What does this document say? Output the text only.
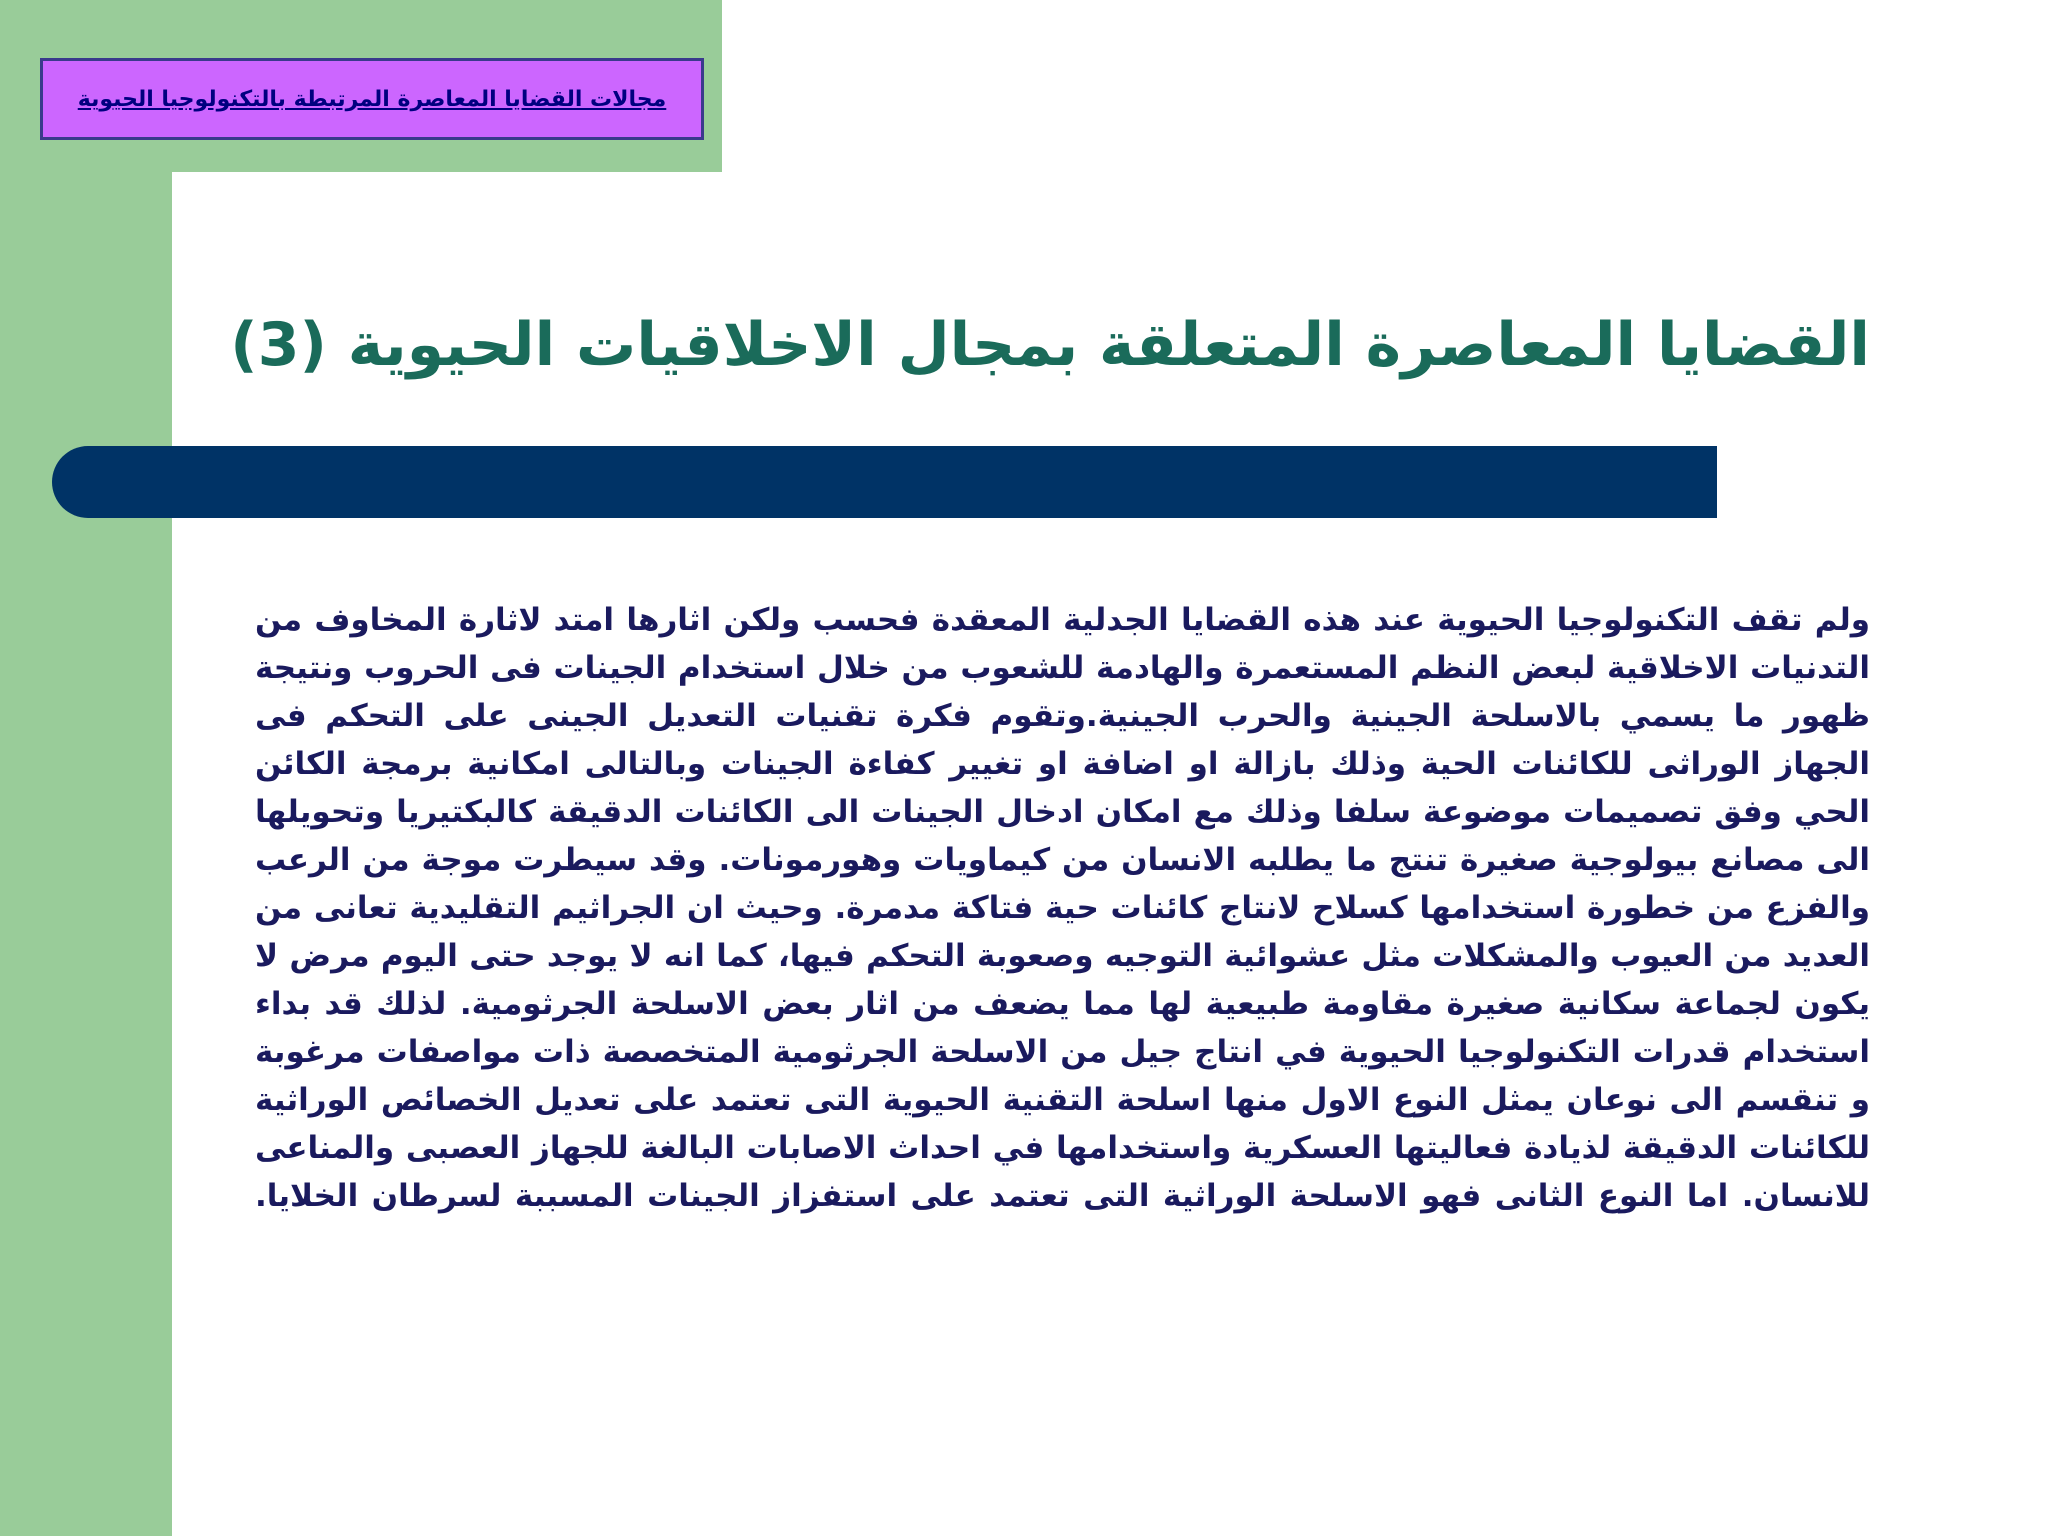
مجالات القضايا المعاصرة المرتبطة بالتكنولوجيا الحيوية
القضايا المعاصرة المتعلقة بمجال الاخلاقيات الحيوية (3)

ولم تقف التكنولوجيا الحيوية عند هذه القضايا الجدلية المعقدة فحسب ولكن اثارها امتد لاثارة المخاوف من التدنيات الاخلاقية لبعض النظم المستعمرة والهادمة للشعوب من خلال استخدام الجينات فى الحروب ونتيجة ظهور ما يسمي بالاسلحة الجينية والحرب الجينية.وتقوم فكرة تقنيات التعديل الجينى على التحكم فى الجهاز الوراثى للكائنات الحية وذلك بازالة او اضافة او تغيير كفاءة الجينات وبالتالى امكانية برمجة الكائن الحي وفق تصميمات موضوعة سلفا وذلك مع امكان ادخال الجينات الى الكائنات الدقيقة كالبكتيريا وتحويلها الى مصانع بيولوجية صغيرة تنتج ما يطلبه الانسان من كيماويات وهورمونات. وقد سيطرت موجة من الرعب والفزع من خطورة استخدامها كسلاح لانتاج كائنات حية فتاكة مدمرة. وحيث ان الجراثيم التقليدية تعانى من العديد من العيوب والمشكلات مثل عشوائية التوجيه وصعوبة التحكم فيها، كما انه لا يوجد حتى اليوم مرض لا يكون لجماعة سكانية صغيرة مقاومة طبيعية لها مما يضعف من اثار بعض الاسلحة الجرثومية. لذلك قد بداء استخدام قدرات التكنولوجيا الحيوية في انتاج جيل من الاسلحة الجرثومية المتخصصة ذات مواصفات مرغوبة و تنقسم الى نوعان يمثل النوع الاول منها اسلحة التقنية الحيوية التى تعتمد على تعديل الخصائص الوراثية للكائنات الدقيقة لذيادة فعاليتها العسكرية واستخدامها في احداث الاصابات البالغة للجهاز العصبى والمناعى للانسان. اما النوع الثانى فهو الاسلحة الوراثية التى تعتمد على استفزاز الجينات المسببة لسرطان الخلايا.
